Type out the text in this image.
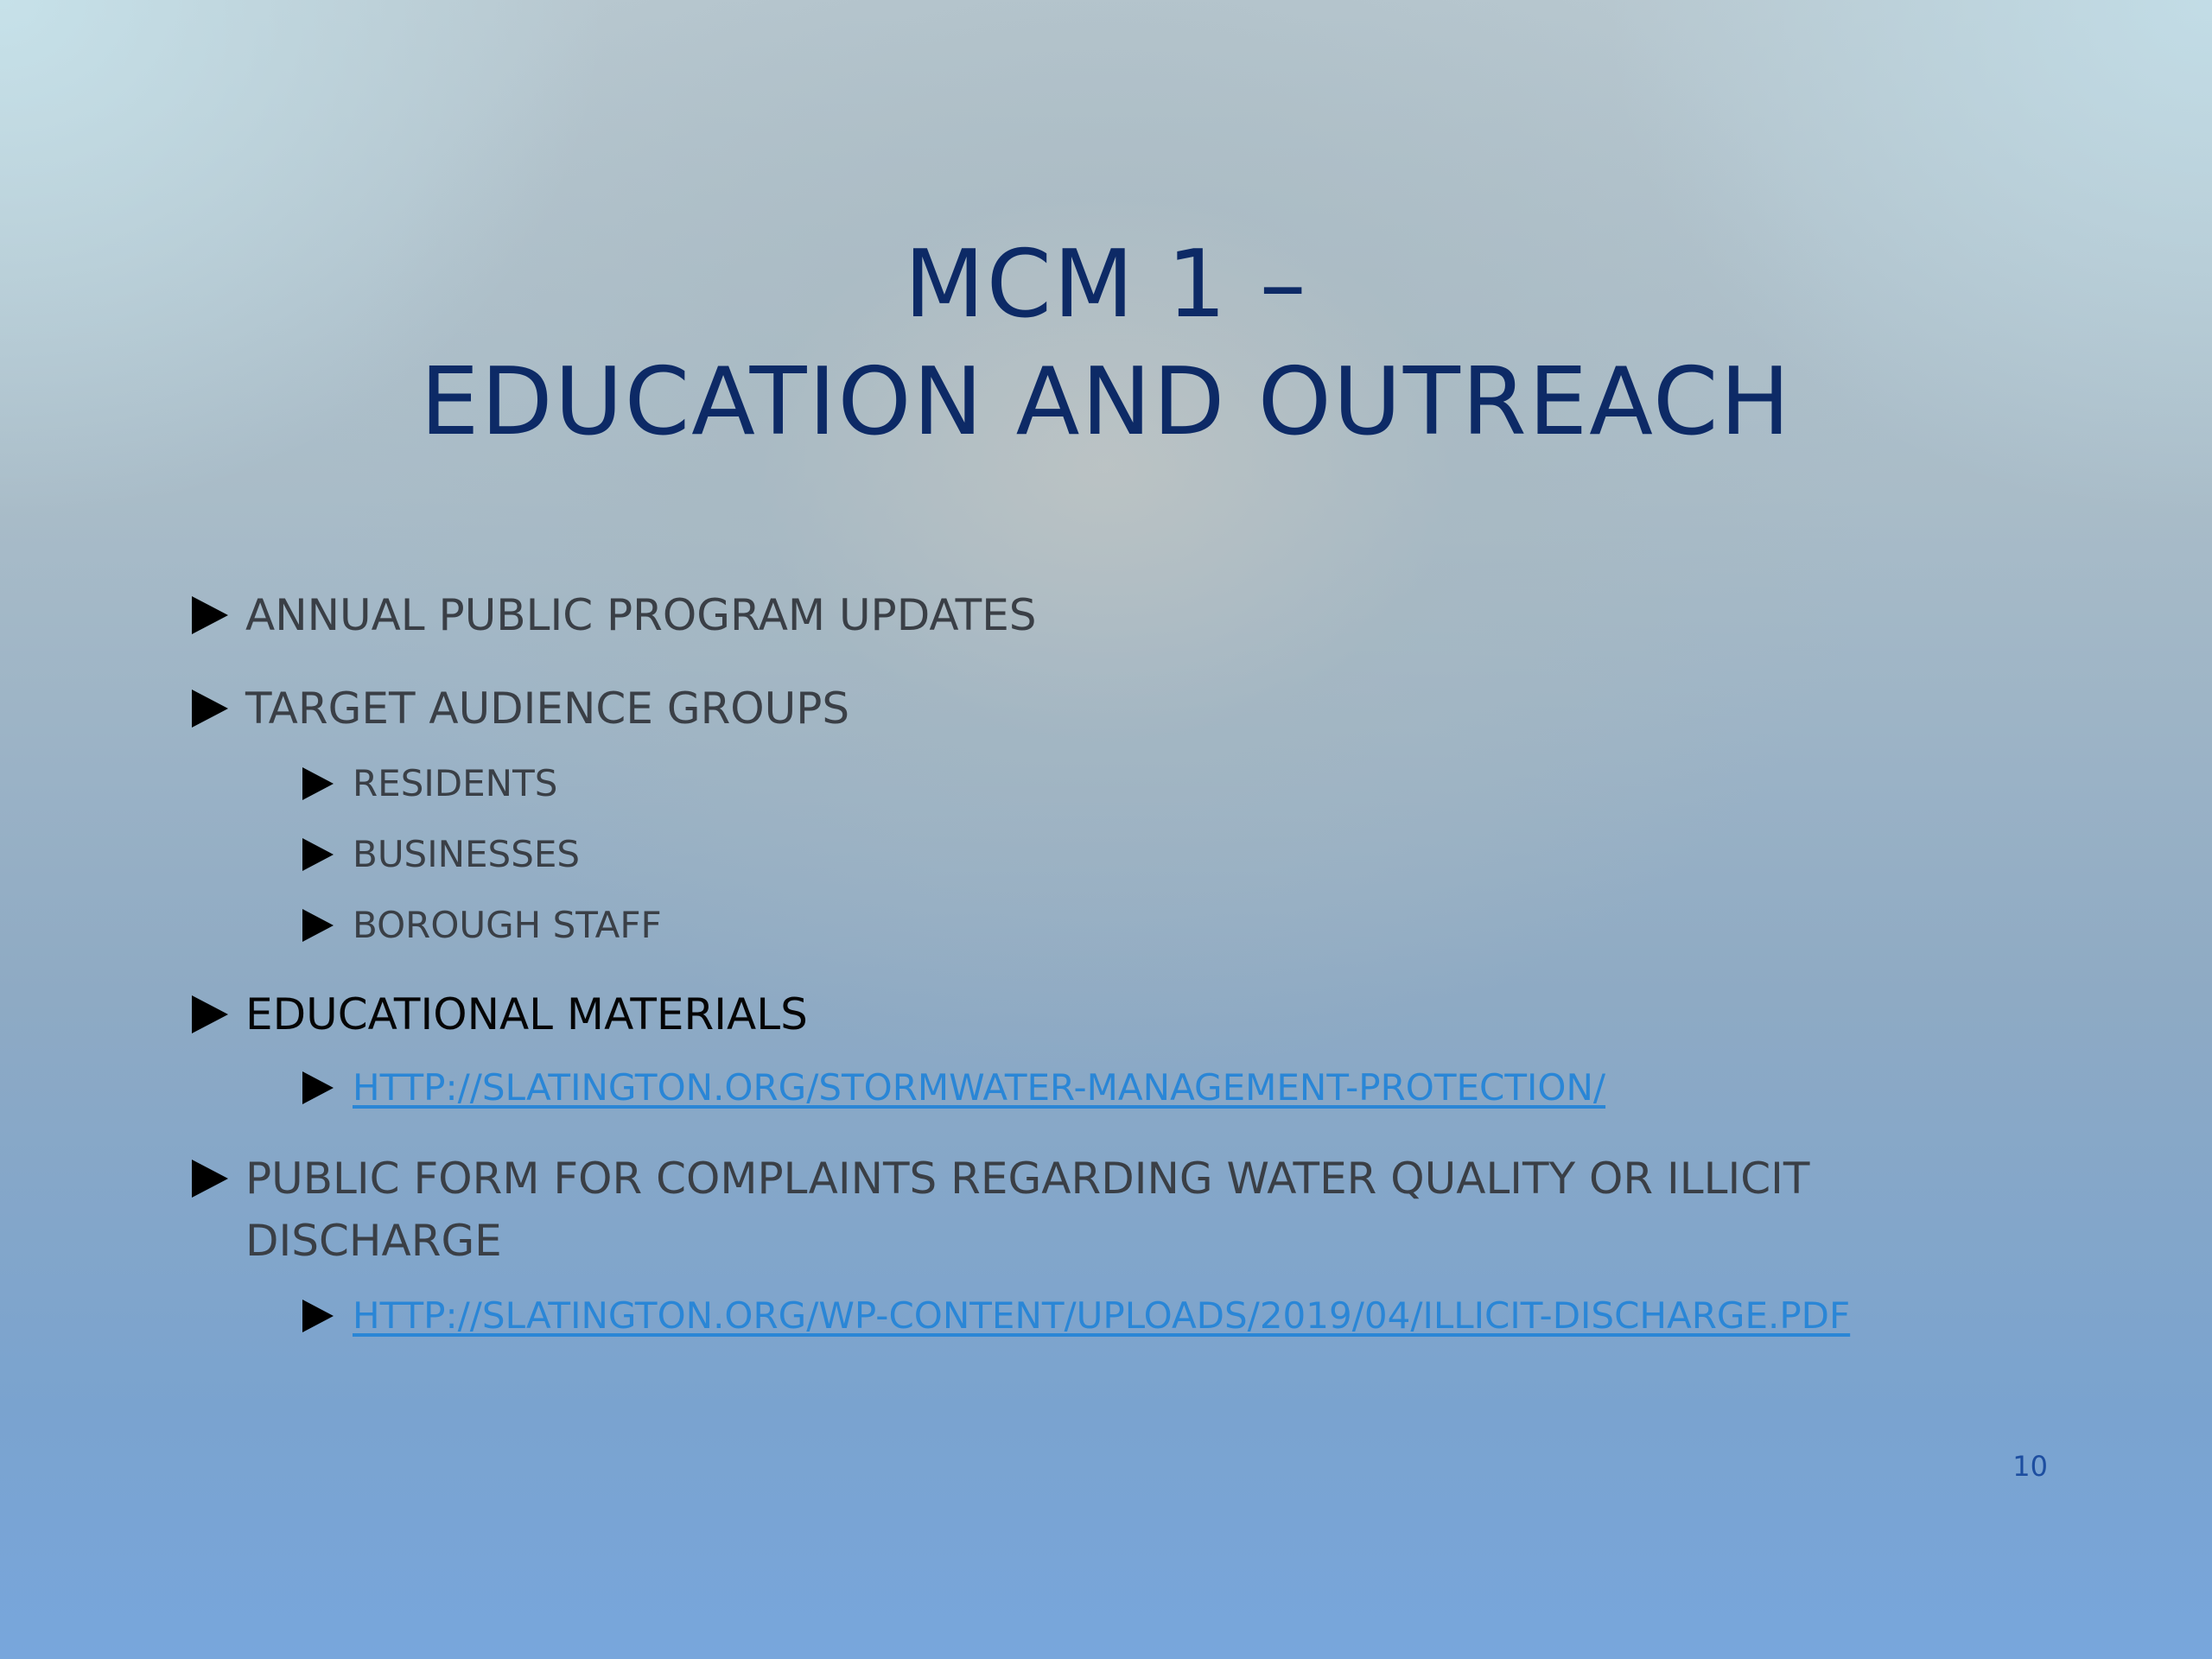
MCM 1 –
EDUCATION AND OUTREACH
ANNUAL PUBLIC PROGRAM UPDATES
TARGET AUDIENCE GROUPS
RESIDENTS
BUSINESSES
BOROUGH STAFF
EDUCATIONAL MATERIALS
HTTP://SLATINGTON.ORG/STORMWATER-MANAGEMENT-PROTECTION/
PUBLIC FORM FOR COMPLAINTS REGARDING WATER QUALITY OR ILLICIT DISCHARGE
HTTP://SLATINGTON.ORG/WP-CONTENT/UPLOADS/2019/04/ILLICIT-DISCHARGE.PDF
10
